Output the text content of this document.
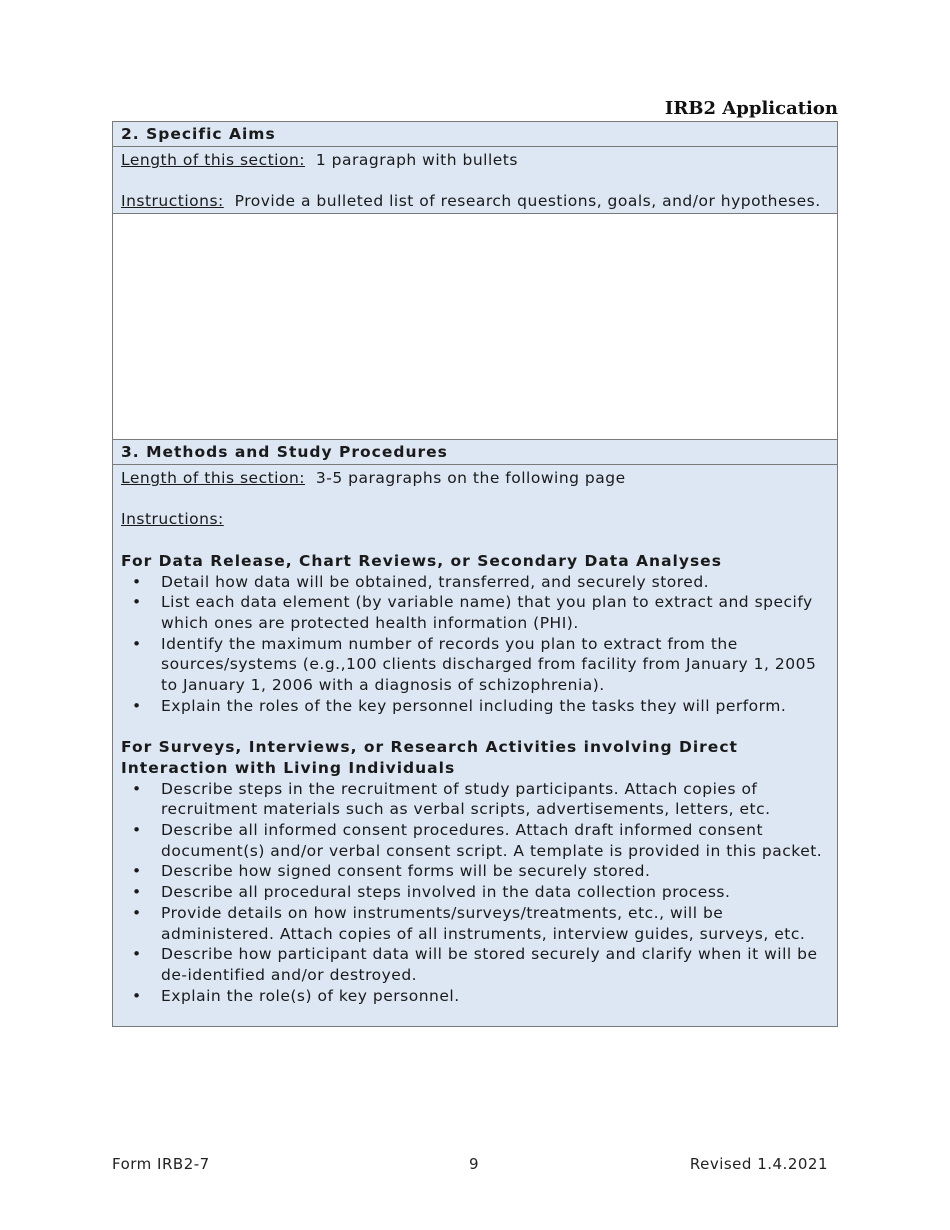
IRB2 Application
2. Specific Aims
Length of this section: 1 paragraph with bullets
Instructions: Provide a bulleted list of research questions, goals, and/or hypotheses.
3. Methods and Study Procedures
Length of this section: 3-5 paragraphs on the following page
Instructions:
For Data Release, Chart Reviews, or Secondary Data Analyses
• Detail how data will be obtained, transferred, and securely stored.
• List each data element (by variable name) that you plan to extract and specify which ones are protected health information (PHI).
• Identify the maximum number of records you plan to extract from the sources/systems (e.g.,100 clients discharged from facility from January 1, 2005 to January 1, 2006 with a diagnosis of schizophrenia).
• Explain the roles of the key personnel including the tasks they will perform.
For Surveys, Interviews, or Research Activities involving Direct Interaction with Living Individuals
• Describe steps in the recruitment of study participants. Attach copies of recruitment materials such as verbal scripts, advertisements, letters, etc.
• Describe all informed consent procedures. Attach draft informed consent document(s) and/or verbal consent script. A template is provided in this packet.
• Describe how signed consent forms will be securely stored.
• Describe all procedural steps involved in the data collection process.
• Provide details on how instruments/surveys/treatments, etc., will be administered. Attach copies of all instruments, interview guides, surveys, etc.
• Describe how participant data will be stored securely and clarify when it will be de-identified and/or destroyed.
• Explain the role(s) of key personnel.
Form IRB2-7	9	Revised 1.4.2021
